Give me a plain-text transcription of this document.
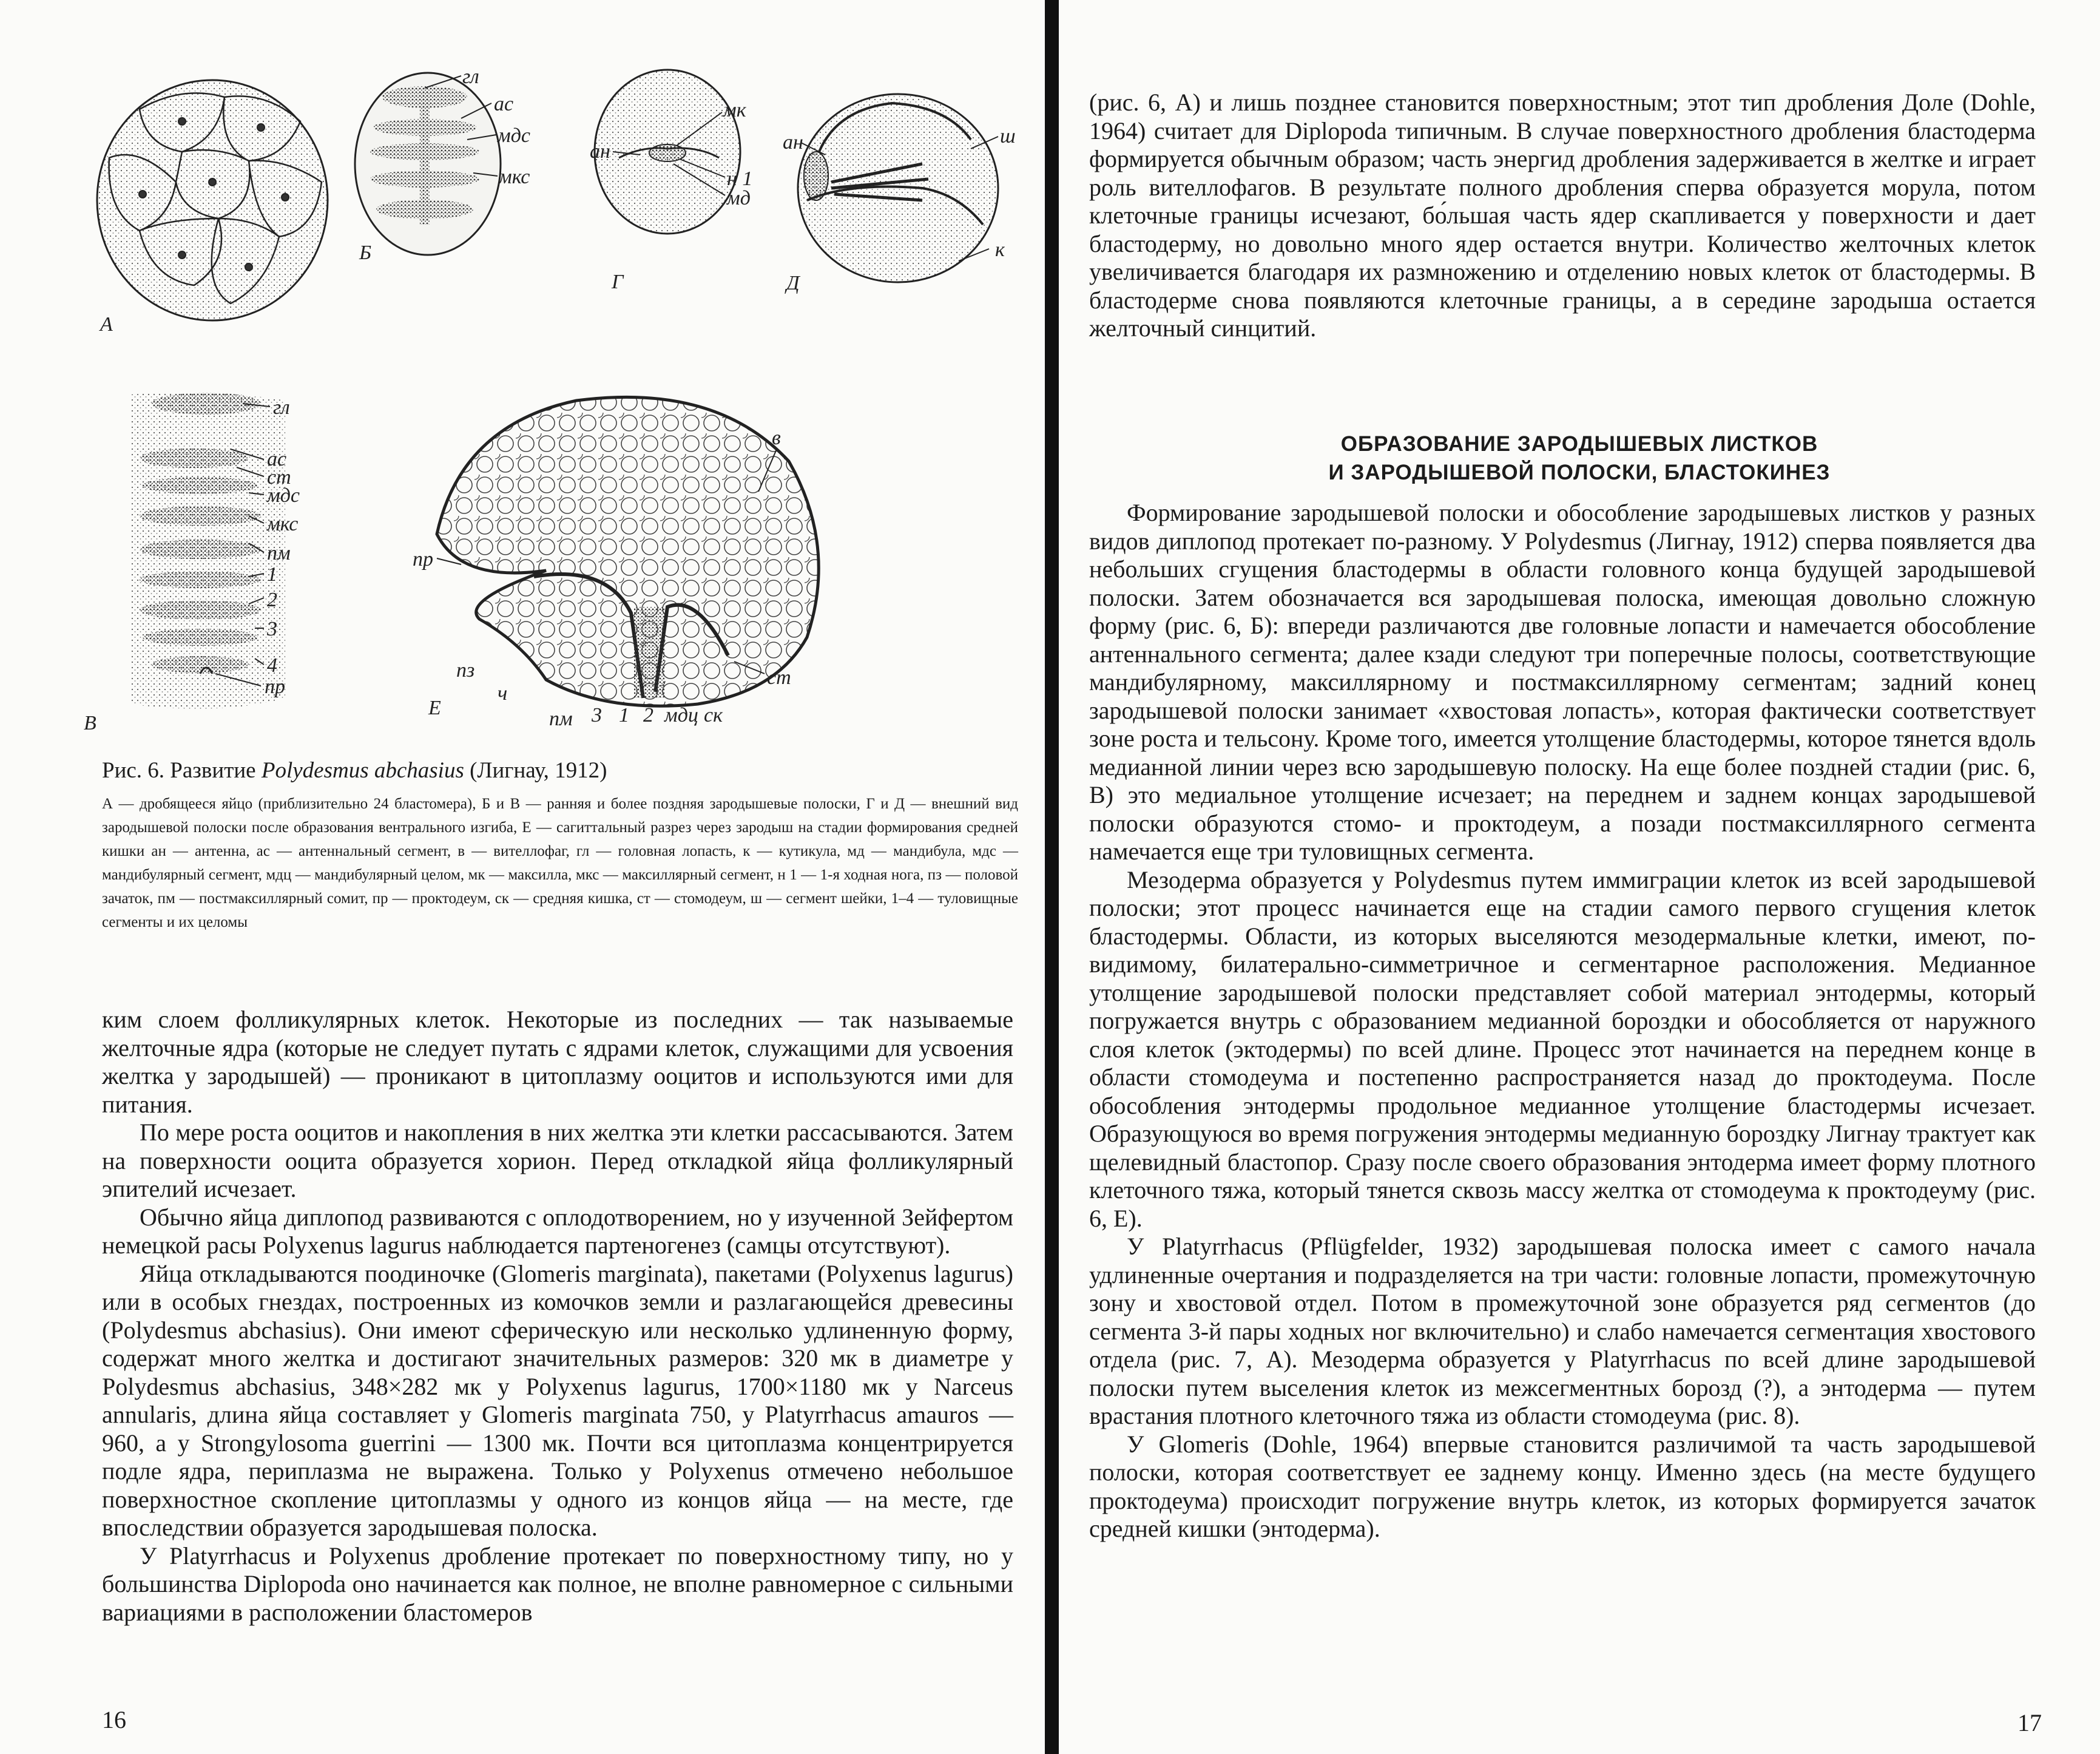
А
Б
Г	Д
В
Е
гл
ас
мдс
мкс
мк
ан
н 1
мд
ан	ш
к
гл
ас
ст
мдс
мкс
пм
1
2
3
4
пр
в
пр
пз
ч
пм 3 1 2 мдц ск
ст
Рис. 6. Развитие Polydesmus abchasius (Лигнау, 1912)
А — дробящееся яйцо (приблизительно 24 бластомера), Б и В — ранняя и более поздняя зародышевые полоски, Г и Д — внешний вид зародышевой полоски после образования вентрального изгиба, Е — сагиттальный разрез через зародыш на стадии формирования средней кишки ан — антенна, ас — антеннальный сегмент, в — вителлофаг, гл — головная лопасть, к — кутикула, мд — мандибула, мдс — мандибулярный сегмент, мдц — мандибулярный целом, мк — максилла, мкс — максиллярный сегмент, н 1 — 1-я ходная нога, пз — половой зачаток, пм — постмаксиллярный сомит, пр — проктодеум, ск — средняя кишка, ст — стомодеум, ш — сегмент шейки, 1–4 — туловищные сегменты и их целомы

ким слоем фолликулярных клеток. Некоторые из последних — так называемые желточные ядра (которые не следует путать с ядрами клеток, служащими для усвоения желтка у зародышей) — проникают в цитоплазму ооцитов и используются ими для питания.

По мере роста ооцитов и накопления в них желтка эти клетки рассасываются. Затем на поверхности ооцита образуется хорион. Перед откладкой яйца фолликулярный эпителий исчезает.

Обычно яйца диплопод развиваются с оплодотворением, но у изученной Зейфертом немецкой расы Polyxenus lagurus наблюдается партеногенез (самцы отсутствуют).

Яйца откладываются поодиночке (Glomeris marginata), пакетами (Polyxenus lagurus) или в особых гнездах, построенных из комочков земли и разлагающейся древесины (Polydesmus abchasius). Они имеют сферическую или несколько удлиненную форму, содержат много желтка и достигают значительных размеров: 320 мк в диаметре у Polydesmus abchasius, 348×282 мк у Polyxenus lagurus, 1700×1180 мк у Narceus annularis, длина яйца составляет у Glomeris marginata 750, у Platyrrhacus amauros — 960, а у Strongylosoma guerrini — 1300 мк. Почти вся цитоплазма концентрируется подле ядра, периплазма не выражена. Только у Polyxenus отмечено небольшое поверхностное скопление цитоплазмы у одного из концов яйца — на месте, где впоследствии образуется зародышевая полоска.

У Platyrrhacus и Polyxenus дробление протекает по поверхностному типу, но у большинства Diplopoda оно начинается как полное, не вполне равномерное с сильными вариациями в расположении бластомеров

16

(рис. 6, А) и лишь позднее становится поверхностным; этот тип дробления Доле (Dohle, 1964) считает для Diplopoda типичным. В случае поверхностного дробления бластодерма формируется обычным образом; часть энергид дробления задерживается в желтке и играет роль вителлофагов. В результате полного дробления сперва образуется морула, потом клеточные границы исчезают, бо́льшая часть ядер скапливается у поверхности и дает бластодерму, но довольно много ядер остается внутри. Количество желточных клеток увеличивается благодаря их размножению и отделению новых клеток от бластодермы. В бластодерме снова появляются клеточные границы, а в середине зародыша остается желточный синцитий.

ОБРАЗОВАНИЕ ЗАРОДЫШЕВЫХ ЛИСТКОВ
И ЗАРОДЫШЕВОЙ ПОЛОСКИ, БЛАСТОКИНЕЗ

Формирование зародышевой полоски и обособление зародышевых листков у разных видов диплопод протекает по-разному. У Polydesmus (Лигнау, 1912) сперва появляется два небольших сгущения бластодермы в области головного конца будущей зародышевой полоски. Затем обозначается вся зародышевая полоска, имеющая довольно сложную форму (рис. 6, Б): впереди различаются две головные лопасти и намечается обособление антеннального сегмента; далее кзади следуют три поперечные полосы, соответствующие мандибулярному, максиллярному и постмаксиллярному сегментам; задний конец зародышевой полоски занимает «хвостовая лопасть», которая фактически соответствует зоне роста и тельсону. Кроме того, имеется утолщение бластодермы, которое тянется вдоль медианной линии через всю зародышевую полоску. На еще более поздней стадии (рис. 6, В) это медиальное утолщение исчезает; на переднем и заднем концах зародышевой полоски образуются стомо- и проктодеум, а позади постмаксиллярного сегмента намечается еще три туловищных сегмента.

Мезодерма образуется у Polydesmus путем иммиграции клеток из всей зародышевой полоски; этот процесс начинается еще на стадии самого первого сгущения клеток бластодермы. Области, из которых выселяются мезодермальные клетки, имеют, по-видимому, билатерально-симметричное и сегментарное расположения. Медианное утолщение зародышевой полоски представляет собой материал энтодермы, который погружается внутрь с образованием медианной бороздки и обособляется от наружного слоя клеток (эктодермы) по всей длине. Процесс этот начинается на переднем конце в области стомодеума и постепенно распространяется назад до проктодеума. После обособления энтодермы продольное медианное утолщение бластодермы исчезает. Образующуюся во время погружения энтодермы медианную бороздку Лигнау трактует как щелевидный бластопор. Сразу после своего образования энтодерма имеет форму плотного клеточного тяжа, который тянется сквозь массу желтка от стомодеума к проктодеуму (рис. 6, Е).

У Platyrrhacus (Pflügfelder, 1932) зародышевая полоска имеет с самого начала удлиненные очертания и подразделяется на три части: головные лопасти, промежуточную зону и хвостовой отдел. Потом в промежуточной зоне образуется ряд сегментов (до сегмента 3-й пары ходных ног включительно) и слабо намечается сегментация хвостового отдела (рис. 7, А). Мезодерма образуется у Platyrrhacus по всей длине зародышевой полоски путем выселения клеток из межсегментных борозд (?), а энтодерма — путем врастания плотного клеточного тяжа из области стомодеума (рис. 8).

У Glomeris (Dohle, 1964) впервые становится различимой та часть зародышевой полоски, которая соответствует ее заднему концу. Именно здесь (на месте будущего проктодеума) происходит погружение внутрь клеток, из которых формируется зачаток средней кишки (энтодерма).

17
